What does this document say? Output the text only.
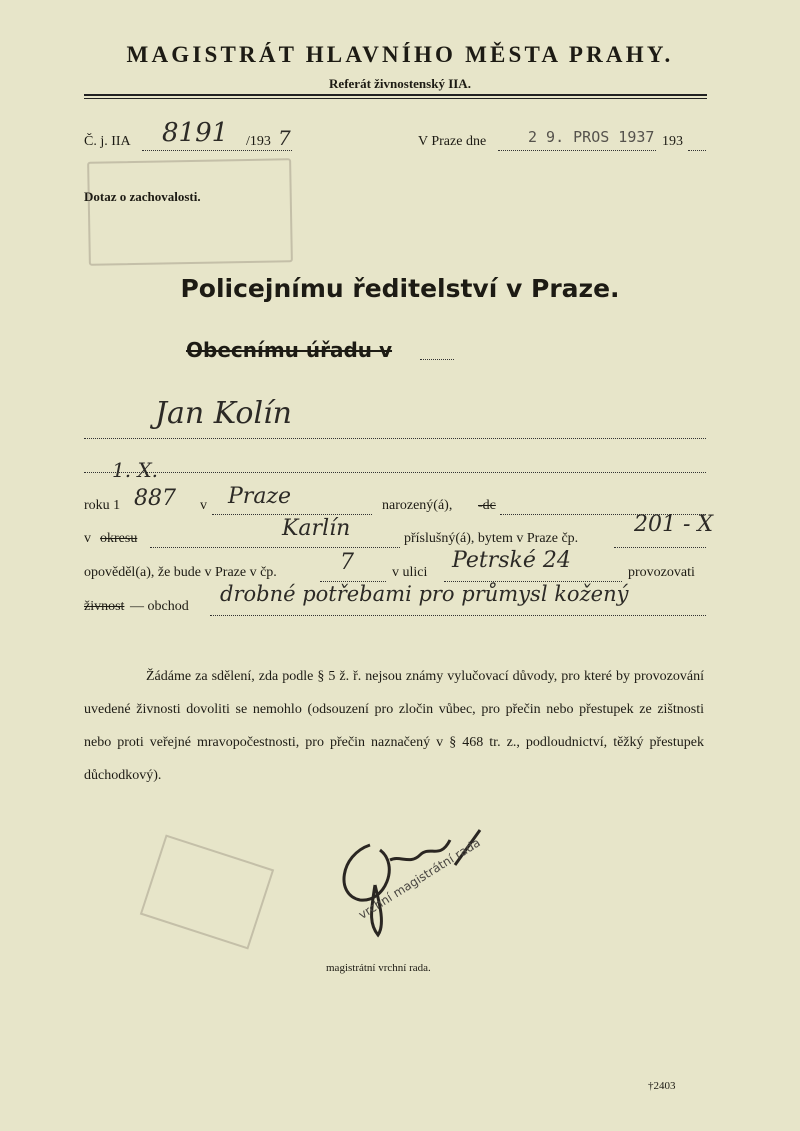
MAGISTRÁT HLAVNÍHO MĚSTA PRAHY.
Referát živnostenský IIA.
Č. j. IIA 8191 /193 7	V Praze dne	2 9. PROS 1937 193
Dotaz o zachovalosti.
Policejnímu ředitelství v Praze.
Obecnímu úřadu v
Jan Kolín
1. X.
roku 1 887 v Praze	narozený(á), -dc
v okresu	Karlín	příslušný(á), bytem v Praze čp.
201 - X
opověděl(a), že bude v Praze v čp.	7	v ulici Petrské 24	provozovati
živnost — obchod
drobné potřebami pro průmysl kožený
Žádáme za sdělení, zda podle § 5 ž. ř. nejsou známy vylučovací důvody, pro které by provozování uvedené živnosti dovoliti se nemohlo (odsouzení pro zločin vůbec, pro přečin nebo přestupek ze zištnosti nebo proti veřejné mravopočestnosti, pro přečin naznačený v § 468 tr. z., podloudnictví, těžký přestupek důchodkový).
vrchní magistrátní rada
magistrátní vrchní rada.
†2403
